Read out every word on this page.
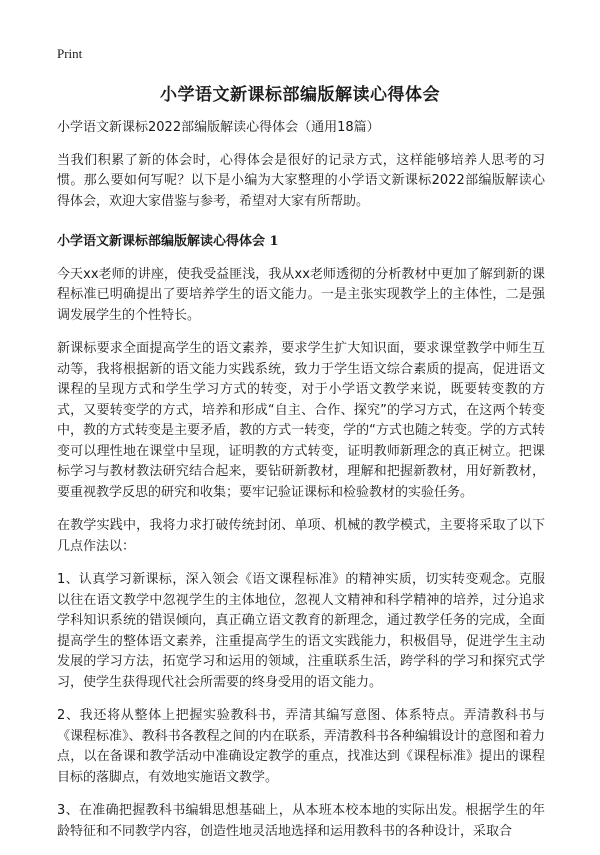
Print
小学语文新课标部编版解读心得体会

小学语文新课标2022部编版解读心得体会（通用18篇）

当我们积累了新的体会时，心得体会是很好的记录方式，这样能够培养人思考的习惯。那么要如何写呢？以下是小编为大家整理的小学语文新课标2022部编版解读心得体会，欢迎大家借鉴与参考，希望对大家有所帮助。

小学语文新课标部编版解读心得体会 1

今天xx老师的讲座，使我受益匪浅，我从xx老师透彻的分析教材中更加了解到新的课程标准已明确提出了要培养学生的语文能力。一是主张实现教学上的主体性，二是强调发展学生的个性特长。

新课标要求全面提高学生的语文素养，要求学生扩大知识面，要求课堂教学中师生互动等，我将根据新的语文能力实践系统，致力于学生语文综合素质的提高，促进语文课程的呈现方式和学生学习方式的转变，对于小学语文教学来说，既要转变教的方式，又要转变学的方式，培养和形成“自主、合作、探究”的学习方式，在这两个转变中，教的方式转变是主要矛盾，教的方式一转变，学的“方式也随之转变。学的方式转变可以理性地在课堂中呈现，证明教的方式转变，证明教师新理念的真正树立。把课标学习与教材教法研究结合起来，要钻研新教材，理解和把握新教材，用好新教材，要重视教学反思的研究和收集；要牢记验证课标和检验教材的实验任务。

在教学实践中，我将力求打破传统封闭、单项、机械的教学模式，主要将采取了以下几点作法以：

1、认真学习新课标，深入领会《语文课程标准》的精神实质，切实转变观念。克服以往在语文教学中忽视学生的主体地位，忽视人文精神和科学精神的培养，过分追求学科知识系统的错误倾向，真正确立语文教育的新理念，通过教学任务的完成，全面提高学生的整体语文素养，注重提高学生的语文实践能力，积极倡导，促进学生主动发展的学习方法，拓宽学习和运用的领域，注重联系生活，跨学科的学习和探究式学习，使学生获得现代社会所需要的终身受用的语文能力。

2、我还将从整体上把握实验教科书，弄清其编写意图、体系特点。弄清教科书与《课程标准》、教科书各教程之间的内在联系，弄清教科书各种编辑设计的意图和着力点，以在备课和教学活动中准确设定教学的重点，找准达到《课程标准》提出的课程目标的落脚点，有效地实施语文教学。

3、在准确把握教科书编辑思想基础上，从本班本校本地的实际出发。根据学生的年龄特征和不同教学内容，创造性地灵活地选择和运用教科书的各种设计，采取合
